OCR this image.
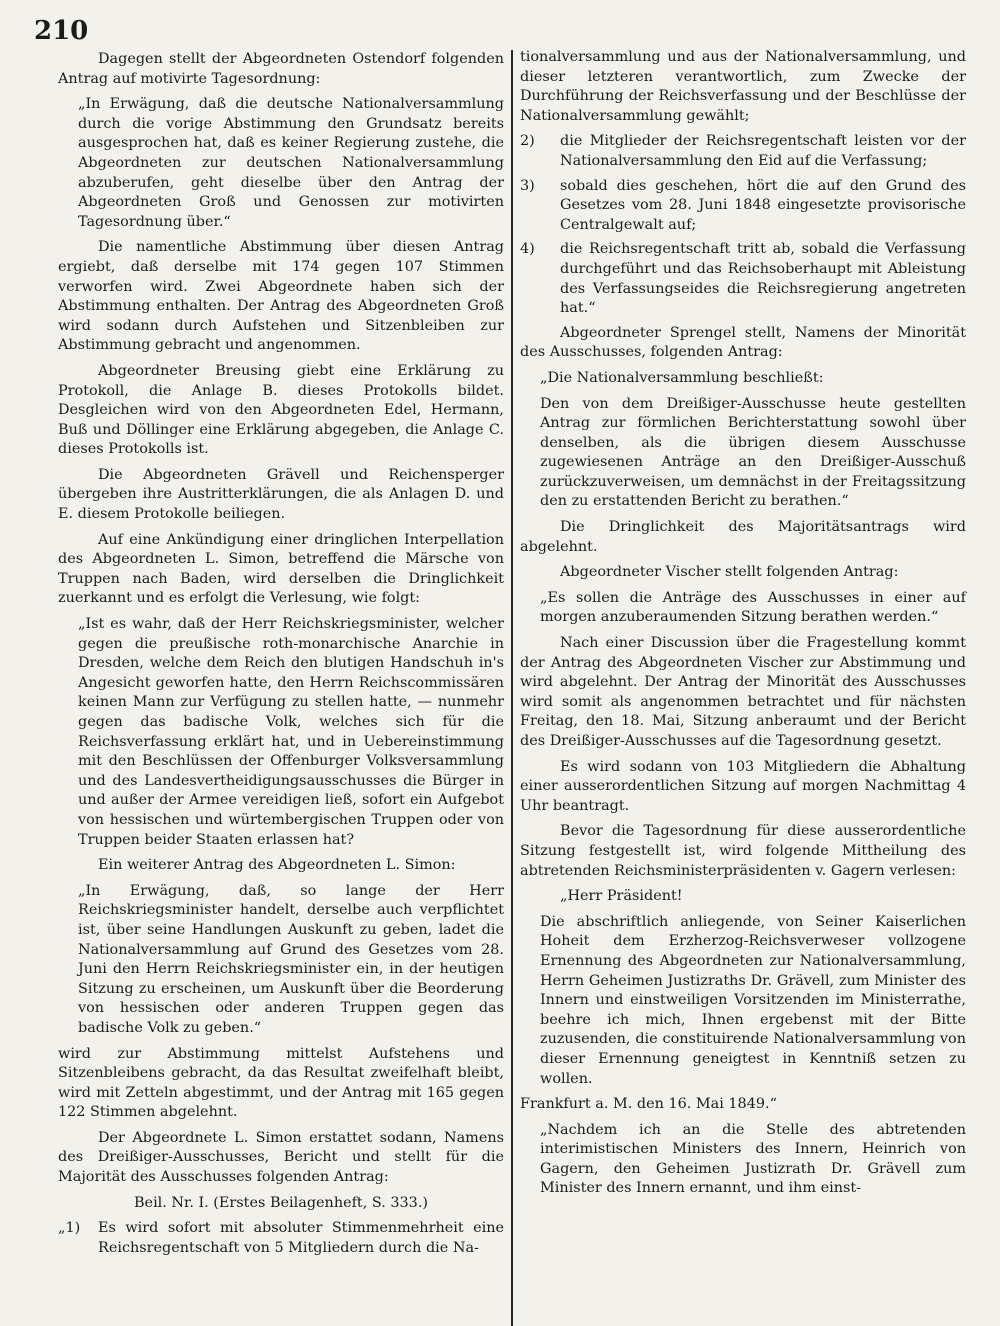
210

Dagegen stellt der Abgeordneten Ostendorf folgenden Antrag auf motivirte Tagesordnung:

„In Erwägung, daß die deutsche Nationalversammlung durch die vorige Abstimmung den Grundsatz bereits ausgesprochen hat, daß es keiner Regierung zustehe, die Abgeordneten zur deutschen Nationalversammlung abzuberufen, geht dieselbe über den Antrag der Abgeordneten Groß und Genossen zur motivirten Tagesordnung über.“

Die namentliche Abstimmung über diesen Antrag ergiebt, daß derselbe mit 174 gegen 107 Stimmen verworfen wird. Zwei Abgeordnete haben sich der Abstimmung enthalten. Der Antrag des Abgeordneten Groß wird sodann durch Aufstehen und Sitzenbleiben zur Abstimmung gebracht und angenommen.

Abgeordneter Breusing giebt eine Erklärung zu Protokoll, die Anlage B. dieses Protokolls bildet. Desgleichen wird von den Abgeordneten Edel, Hermann, Buß und Döllinger eine Erklärung abgegeben, die Anlage C. dieses Protokolls ist.

Die Abgeordneten Grävell und Reichensperger übergeben ihre Austritterklärungen, die als Anlagen D. und E. diesem Protokolle beiliegen.

Auf eine Ankündigung einer dringlichen Interpellation des Abgeordneten L. Simon, betreffend die Märsche von Truppen nach Baden, wird derselben die Dringlichkeit zuerkannt und es erfolgt die Verlesung, wie folgt:

„Ist es wahr, daß der Herr Reichskriegsminister, welcher gegen die preußische roth-monarchische Anarchie in Dresden, welche dem Reich den blutigen Handschuh in's Angesicht geworfen hatte, den Herrn Reichscommissären keinen Mann zur Verfügung zu stellen hatte, — nunmehr gegen das badische Volk, welches sich für die Reichsverfassung erklärt hat, und in Uebereinstimmung mit den Beschlüssen der Offenburger Volksversammlung und des Landesvertheidigungsausschusses die Bürger in und außer der Armee vereidigen ließ, sofort ein Aufgebot von hessischen und würtembergischen Truppen oder von Truppen beider Staaten erlassen hat?

Ein weiterer Antrag des Abgeordneten L. Simon:

„In Erwägung, daß, so lange der Herr Reichskriegsminister handelt, derselbe auch verpflichtet ist, über seine Handlungen Auskunft zu geben, ladet die Nationalversammlung auf Grund des Gesetzes vom 28. Juni den Herrn Reichskriegsminister ein, in der heutigen Sitzung zu erscheinen, um Auskunft über die Beorderung von hessischen oder anderen Truppen gegen das badische Volk zu geben.“

wird zur Abstimmung mittelst Aufstehens und Sitzenbleibens gebracht, da das Resultat zweifelhaft bleibt, wird mit Zetteln abgestimmt, und der Antrag mit 165 gegen 122 Stimmen abgelehnt.

Der Abgeordnete L. Simon erstattet sodann, Namens des Dreißiger-Ausschusses, Bericht und stellt für die Majorität des Ausschusses folgenden Antrag:

Beil. Nr. I. (Erstes Beilagenheft, S. 333.)

„1)	Es wird sofort mit absoluter Stimmenmehrheit eine Reichsregentschaft von 5 Mitgliedern durch die Na-

tionalversammlung und aus der Nationalversammlung, und dieser letzteren verantwortlich, zum Zwecke der Durchführung der Reichsverfassung und der Beschlüsse der Nationalversammlung gewählt;

2)	die Mitglieder der Reichsregentschaft leisten vor der Nationalversammlung den Eid auf die Verfassung;
3)	sobald dies geschehen, hört die auf den Grund des Gesetzes vom 28. Juni 1848 eingesetzte provisorische Centralgewalt auf;
4)	die Reichsregentschaft tritt ab, sobald die Verfassung durchgeführt und das Reichsoberhaupt mit Ableistung des Verfassungseides die Reichsregierung angetreten hat.“

Abgeordneter Sprengel stellt, Namens der Minorität des Ausschusses, folgenden Antrag:

„Die Nationalversammlung beschließt:

Den von dem Dreißiger-Ausschusse heute gestellten Antrag zur förmlichen Berichterstattung sowohl über denselben, als die übrigen diesem Ausschusse zugewiesenen Anträge an den Dreißiger-Ausschuß zurückzuverweisen, um demnächst in der Freitagssitzung den zu erstattenden Bericht zu berathen.“

Die Dringlichkeit des Majoritätsantrags wird abgelehnt.

Abgeordneter Vischer stellt folgenden Antrag:

„Es sollen die Anträge des Ausschusses in einer auf morgen anzuberaumenden Sitzung berathen werden.“

Nach einer Discussion über die Fragestellung kommt der Antrag des Abgeordneten Vischer zur Abstimmung und wird abgelehnt. Der Antrag der Minorität des Ausschusses wird somit als angenommen betrachtet und für nächsten Freitag, den 18. Mai, Sitzung anberaumt und der Bericht des Dreißiger-Ausschusses auf die Tagesordnung gesetzt.

Es wird sodann von 103 Mitgliedern die Abhaltung einer ausserordentlichen Sitzung auf morgen Nachmittag 4 Uhr beantragt.

Bevor die Tagesordnung für diese ausserordentliche Sitzung festgestellt ist, wird folgende Mittheilung des abtretenden Reichsministerpräsidenten v. Gagern verlesen:

„Herr Präsident!

Die abschriftlich anliegende, von Seiner Kaiserlichen Hoheit dem Erzherzog-Reichsverweser vollzogene Ernennung des Abgeordneten zur Nationalversammlung, Herrn Geheimen Justizraths Dr. Grävell, zum Minister des Innern und einstweiligen Vorsitzenden im Ministerrathe, beehre ich mich, Ihnen ergebenst mit der Bitte zuzusenden, die constituirende Nationalversammlung von dieser Ernennung geneigtest in Kenntniß setzen zu wollen.

Frankfurt a. M. den 16. Mai 1849.“

„Nachdem ich an die Stelle des abtretenden interimistischen Ministers des Innern, Heinrich von Gagern, den Geheimen Justizrath Dr. Grävell zum Minister des Innern ernannt, und ihm einst-
